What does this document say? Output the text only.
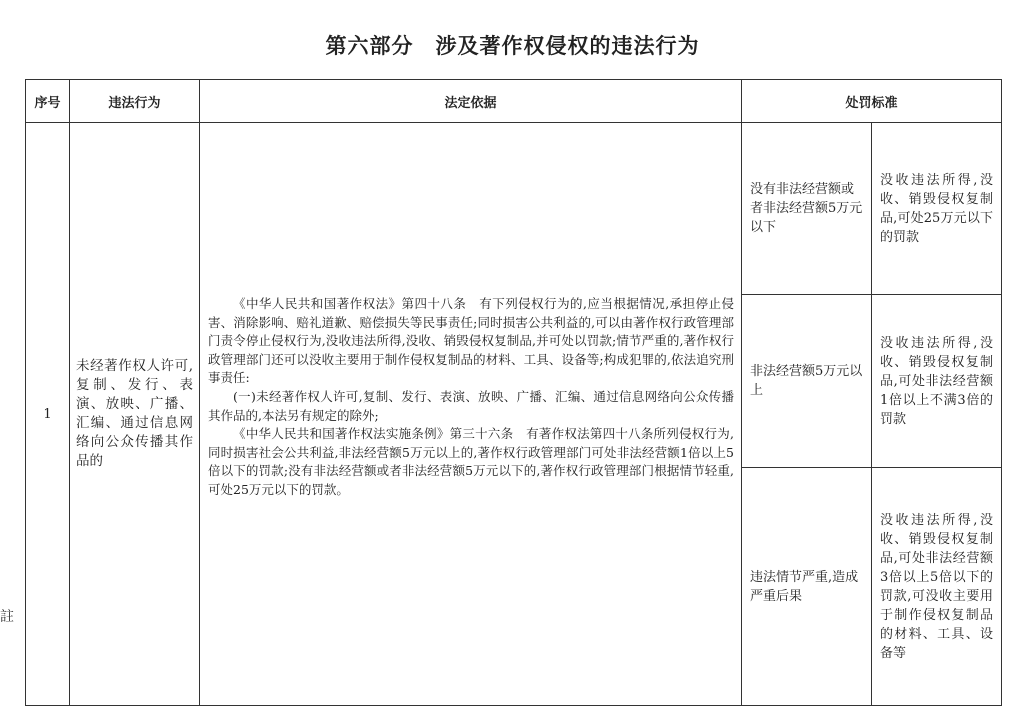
第六部分 涉及著作权侵权的违法行为
序号	违法行为	法定依据	处罚标准	
1	未经著作权人许可,复制、发行、表演、放映、广播、汇编、通过信息网络向公众传播其作品的	《中华人民共和国著作权法》第四十八条　有下列侵权行为的,应当根据情况,承担停止侵害、消除影响、赔礼道歉、赔偿损失等民事责任;同时损害公共利益的,可以由著作权行政管理部门责令停止侵权行为,没收违法所得,没收、销毁侵权复制品,并可处以罚款;情节严重的,著作权行政管理部门还可以没收主要用于制作侵权复制品的材料、工具、设备等;构成犯罪的,依法追究刑事责任:

(一)未经著作权人许可,复制、发行、表演、放映、广播、汇编、通过信息网络向公众传播其作品的,本法另有规定的除外;

《中华人民共和国著作权法实施条例》第三十六条　有著作权法第四十八条所列侵权行为,同时损害社会公共利益,非法经营额5万元以上的,著作权行政管理部门可处非法经营额1倍以上5倍以下的罚款;没有非法经营额或者非法经营额5万元以下的,著作权行政管理部门根据情节轻重,可处25万元以下的罚款。	没有非法经营额或者非法经营额5万元以下	没收违法所得,没收、销毁侵权复制品,可处25万元以下的罚款
			非法经营额5万元以上	没收违法所得,没收、销毁侵权复制品,可处非法经营额1倍以上不满3倍的罚款
			违法情节严重,造成严重后果	没收违法所得,没收、销毁侵权复制品,可处非法经营额3倍以上5倍以下的罚款,可没收主要用于制作侵权复制品的材料、工具、设备等
註
